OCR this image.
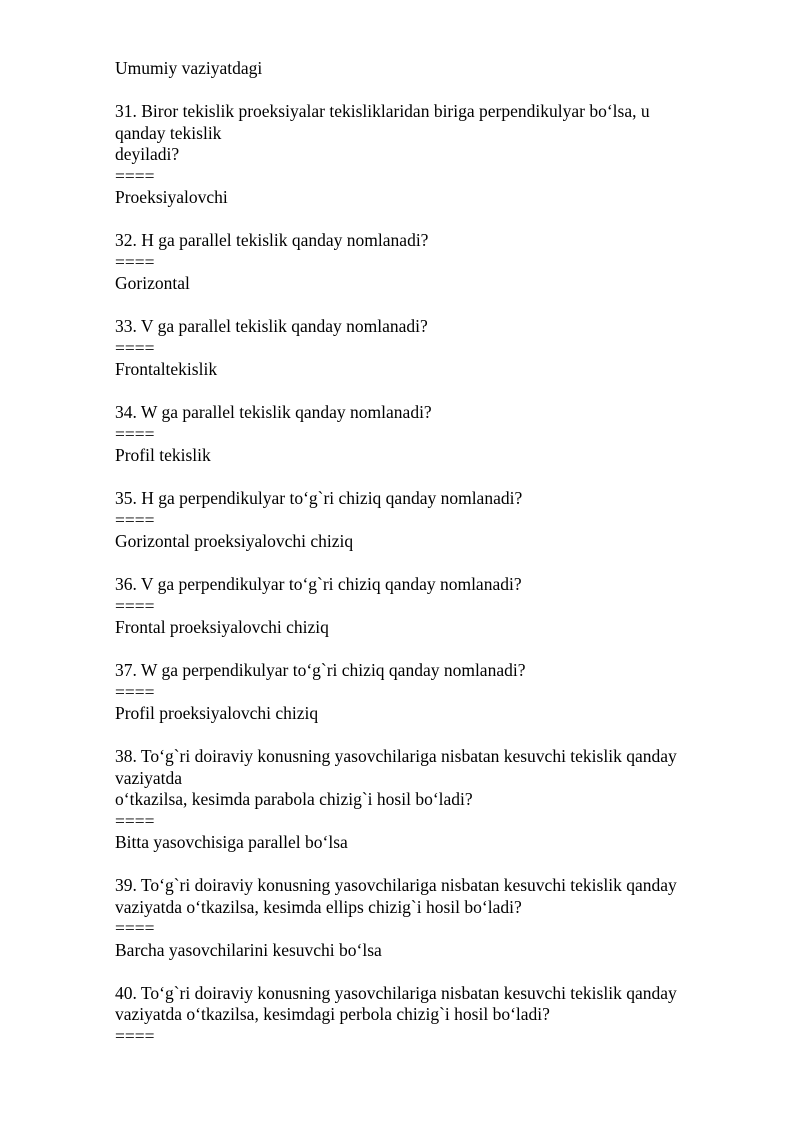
Umumiy vaziyatdagi
31. Biror tekislik proeksiyalar tekisliklaridan biriga perpendikulyar bo‘lsa, u
qanday tekislik
deyiladi?
====
Proeksiyalovchi
32. H ga parallel tekislik qanday nomlanadi?
====
Gorizontal
33. V ga parallel tekislik qanday nomlanadi?
====
Frontaltekislik
34. W ga parallel tekislik qanday nomlanadi?
====
Profil tekislik
35. H ga perpendikulyar to‘g`ri chiziq qanday nomlanadi?
====
Gorizontal proeksiyalovchi chiziq
36. V ga perpendikulyar to‘g`ri chiziq qanday nomlanadi?
====
Frontal proeksiyalovchi chiziq
37. W ga perpendikulyar to‘g`ri chiziq qanday nomlanadi?
====
Profil proeksiyalovchi chiziq
38. To‘g`ri doiraviy konusning yasovchilariga nisbatan kesuvchi tekislik qanday
vaziyatda
o‘tkazilsa, kesimda parabola chizig`i hosil bo‘ladi?
====
Bitta yasovchisiga parallel bo‘lsa
39. To‘g`ri doiraviy konusning yasovchilariga nisbatan kesuvchi tekislik qanday
vaziyatda o‘tkazilsa, kesimda ellips chizig`i hosil bo‘ladi?
====
Barcha yasovchilarini kesuvchi bo‘lsa
40. To‘g`ri doiraviy konusning yasovchilariga nisbatan kesuvchi tekislik qanday
vaziyatda o‘tkazilsa, kesimdagi perbola chizig`i hosil bo‘ladi?
====
